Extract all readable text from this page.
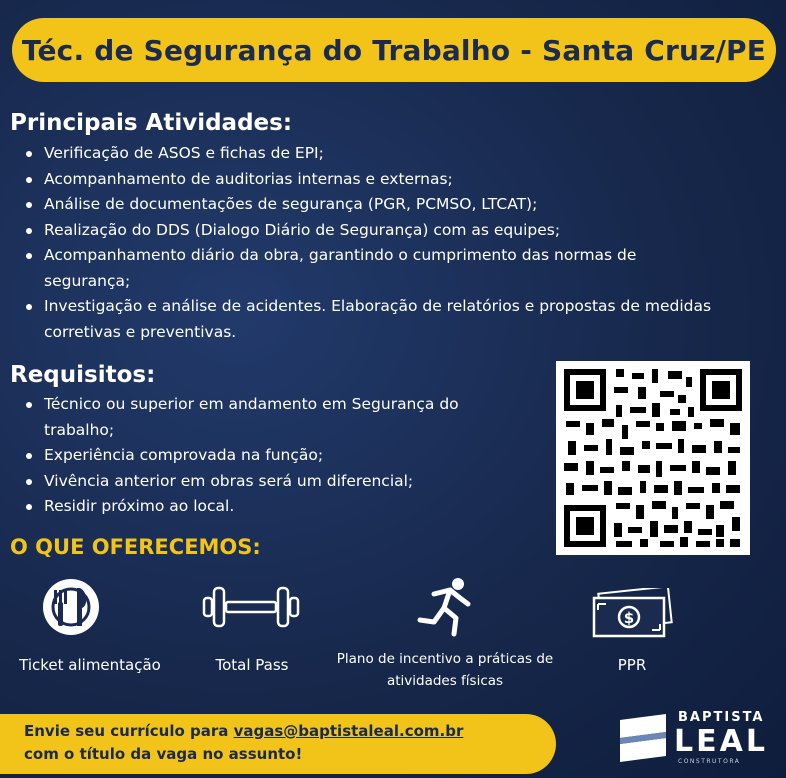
Téc. de Segurança do Trabalho - Santa Cruz/PE
Principais Atividades:
Verificação de ASOS e fichas de EPI;
Acompanhamento de auditorias internas e externas;
Análise de documentações de segurança (PGR, PCMSO, LTCAT);
Realização do DDS (Dialogo Diário de Segurança) com as equipes;
Acompanhamento diário da obra, garantindo o cumprimento das normas de segurança;
Investigação e análise de acidentes. Elaboração de relatórios e propostas de medidas corretivas e preventivas.
Requisitos:
Técnico ou superior em andamento em Segurança do trabalho;
Experiência comprovada na função;
Vivência anterior em obras será um diferencial;
Residir próximo ao local.
O QUE OFERECEMOS:
Ticket alimentação	Total Pass	Plano de incentivo a práticas de atividades físicas
$
PPR
Envie seu currículo para vagas@baptistaleal.com.br
com o título da vaga no assunto!
BAPTISTA
LEAL
CONSTRUTORA
